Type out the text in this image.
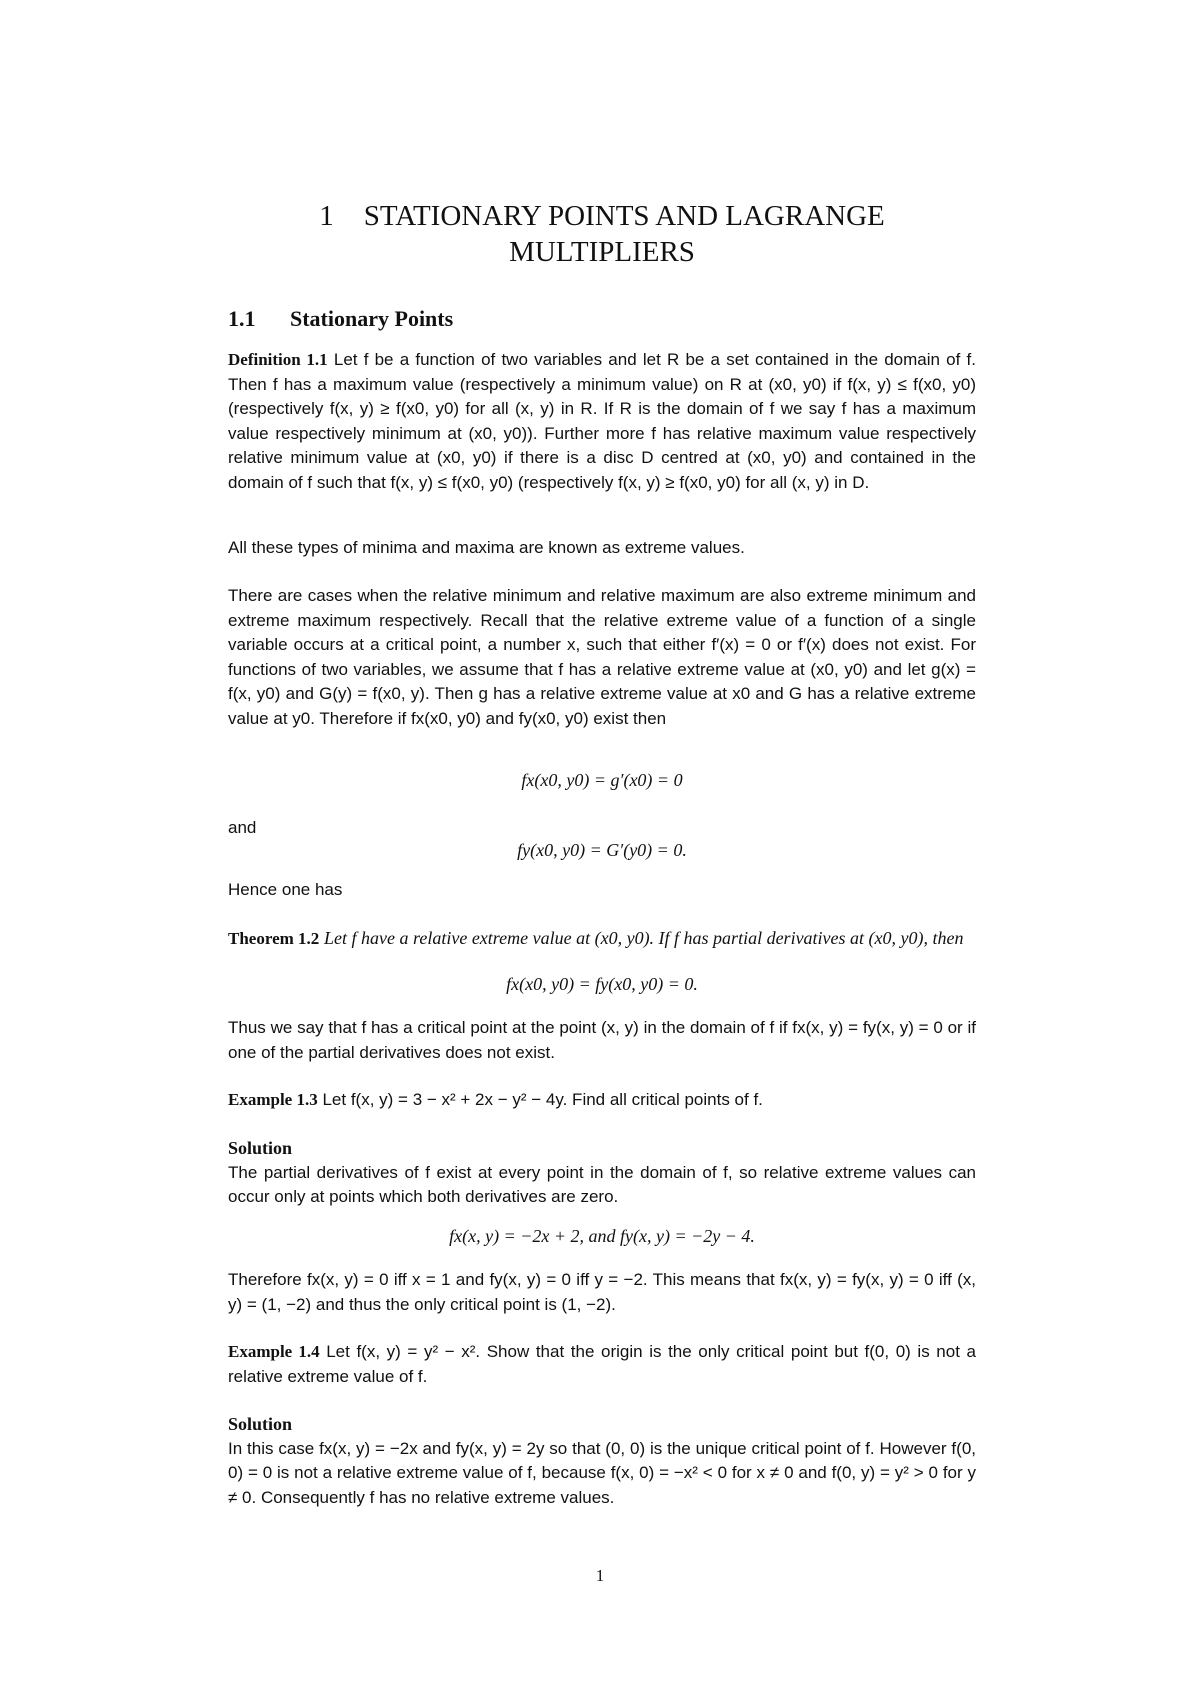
1 STATIONARY POINTS AND LAGRANGE
MULTIPLIERS
1.1 Stationary Points
Definition 1.1 Let f be a function of two variables and let R be a set contained in the domain of f. Then f has a maximum value (respectively a minimum value) on R at (x0, y0) if f(x, y) ≤ f(x0, y0) (respectively f(x, y) ≥ f(x0, y0) for all (x, y) in R. If R is the domain of f we say f has a maximum value respectively minimum at (x0, y0)). Further more f has relative maximum value respectively relative minimum value at (x0, y0) if there is a disc D centred at (x0, y0) and contained in the domain of f such that f(x, y) ≤ f(x0, y0) (respectively f(x, y) ≥ f(x0, y0) for all (x, y) in D.
All these types of minima and maxima are known as extreme values.
There are cases when the relative minimum and relative maximum are also extreme minimum and extreme maximum respectively. Recall that the relative extreme value of a function of a single variable occurs at a critical point, a number x, such that either f′(x) = 0 or f′(x) does not exist. For functions of two variables, we assume that f has a relative extreme value at (x0, y0) and let g(x) = f(x, y0) and G(y) = f(x0, y). Then g has a relative extreme value at x0 and G has a relative extreme value at y0. Therefore if fx(x0, y0) and fy(x0, y0) exist then
fx(x0, y0) = g′(x0) = 0
and
fy(x0, y0) = G′(y0) = 0.
Hence one has
Theorem 1.2 Let f have a relative extreme value at (x0, y0). If f has partial derivatives at (x0, y0), then
fx(x0, y0) = fy(x0, y0) = 0.
Thus we say that f has a critical point at the point (x, y) in the domain of f if fx(x, y) = fy(x, y) = 0 or if one of the partial derivatives does not exist.
Example 1.3 Let f(x, y) = 3 − x² + 2x − y² − 4y. Find all critical points of f.
Solution
The partial derivatives of f exist at every point in the domain of f, so relative extreme values can occur only at points which both derivatives are zero.
fx(x, y) = −2x + 2, and fy(x, y) = −2y − 4.
Therefore fx(x, y) = 0 iff x = 1 and fy(x, y) = 0 iff y = −2. This means that fx(x, y) = fy(x, y) = 0 iff (x, y) = (1, −2) and thus the only critical point is (1, −2).
Example 1.4 Let f(x, y) = y² − x². Show that the origin is the only critical point but f(0, 0) is not a relative extreme value of f.
Solution
In this case fx(x, y) = −2x and fy(x, y) = 2y so that (0, 0) is the unique critical point of f. However f(0, 0) = 0 is not a relative extreme value of f, because f(x, 0) = −x² < 0 for x ≠ 0 and f(0, y) = y² > 0 for y ≠ 0. Consequently f has no relative extreme values.
1
